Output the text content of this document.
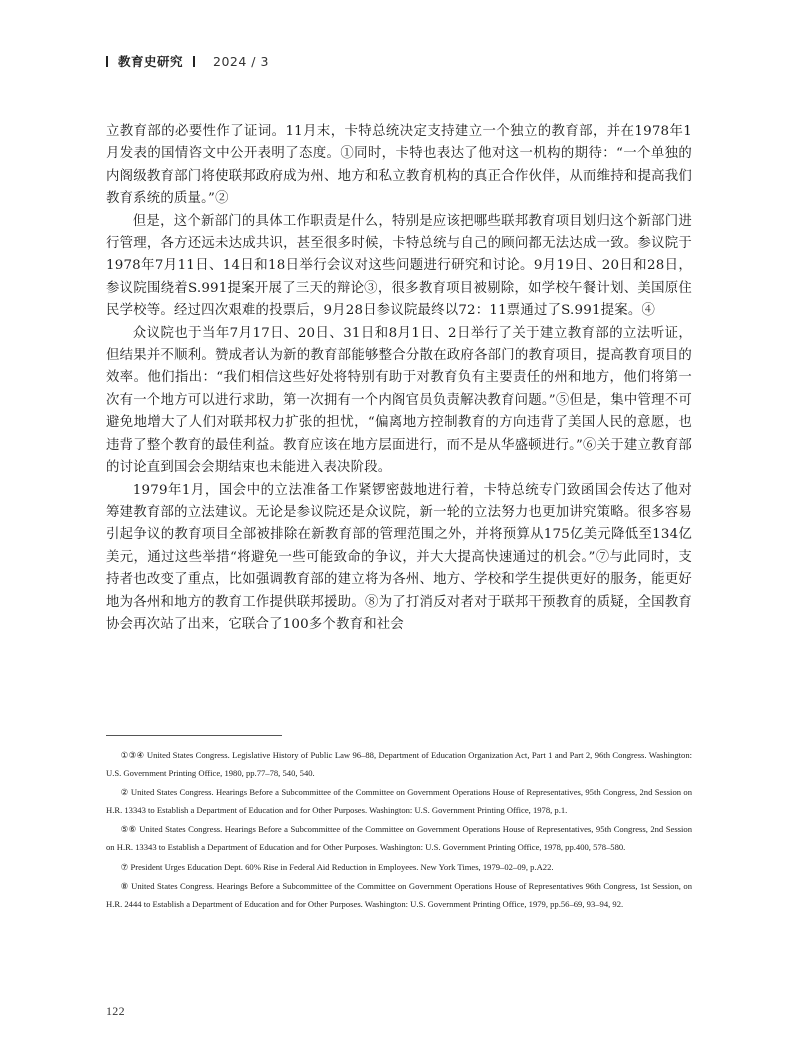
教育史研究 2024 / 3

立教育部的必要性作了证词。11月末，卡特总统决定支持建立一个独立的教育部，并在1978年1月发表的国情咨文中公开表明了态度。①同时，卡特也表达了他对这一机构的期待：“一个单独的内阁级教育部门将使联邦政府成为州、地方和私立教育机构的真正合作伙伴，从而维持和提高我们教育系统的质量。”②

但是，这个新部门的具体工作职责是什么，特别是应该把哪些联邦教育项目划归这个新部门进行管理，各方还远未达成共识，甚至很多时候，卡特总统与自己的顾问都无法达成一致。参议院于1978年7月11日、14日和18日举行会议对这些问题进行研究和讨论。9月19日、20日和28日，参议院围绕着S.991提案开展了三天的辩论③，很多教育项目被剔除，如学校午餐计划、美国原住民学校等。经过四次艰难的投票后，9月28日参议院最终以72：11票通过了S.991提案。④

众议院也于当年7月17日、20日、31日和8月1日、2日举行了关于建立教育部的立法听证，但结果并不顺利。赞成者认为新的教育部能够整合分散在政府各部门的教育项目，提高教育项目的效率。他们指出：“我们相信这些好处将特别有助于对教育负有主要责任的州和地方，他们将第一次有一个地方可以进行求助，第一次拥有一个内阁官员负责解决教育问题。”⑤但是，集中管理不可避免地增大了人们对联邦权力扩张的担忧，“偏离地方控制教育的方向违背了美国人民的意愿，也违背了整个教育的最佳利益。教育应该在地方层面进行，而不是从华盛顿进行。”⑥关于建立教育部的讨论直到国会会期结束也未能进入表决阶段。

1979年1月，国会中的立法准备工作紧锣密鼓地进行着，卡特总统专门致函国会传达了他对筹建教育部的立法建议。无论是参议院还是众议院，新一轮的立法努力也更加讲究策略。很多容易引起争议的教育项目全部被排除在新教育部的管理范围之外，并将预算从175亿美元降低至134亿美元，通过这些举措“将避免一些可能致命的争议，并大大提高快速通过的机会。”⑦与此同时，支持者也改变了重点，比如强调教育部的建立将为各州、地方、学校和学生提供更好的服务，能更好地为各州和地方的教育工作提供联邦援助。⑧为了打消反对者对于联邦干预教育的质疑，全国教育协会再次站了出来，它联合了100多个教育和社会

①③④ United States Congress. Legislative History of Public Law 96–88, Department of Education Organization Act, Part 1 and Part 2, 96th Congress. Washington: U.S. Government Printing Office, 1980, pp.77–78, 540, 540.

② United States Congress. Hearings Before a Subcommittee of the Committee on Government Operations House of Representatives, 95th Congress, 2nd Session on H.R. 13343 to Establish a Department of Education and for Other Purposes. Washington: U.S. Government Printing Office, 1978, p.1.

⑤⑥ United States Congress. Hearings Before a Subcommittee of the Committee on Government Operations House of Representatives, 95th Congress, 2nd Session on H.R. 13343 to Establish a Department of Education and for Other Purposes. Washington: U.S. Government Printing Office, 1978, pp.400, 578–580.

⑦ President Urges Education Dept. 60% Rise in Federal Aid Reduction in Employees. New York Times, 1979–02–09, p.A22.

⑧ United States Congress. Hearings Before a Subcommittee of the Committee on Government Operations House of Representatives 96th Congress, 1st Session, on H.R. 2444 to Establish a Department of Education and for Other Purposes. Washington: U.S. Government Printing Office, 1979, pp.56–69, 93–94, 92.

122
